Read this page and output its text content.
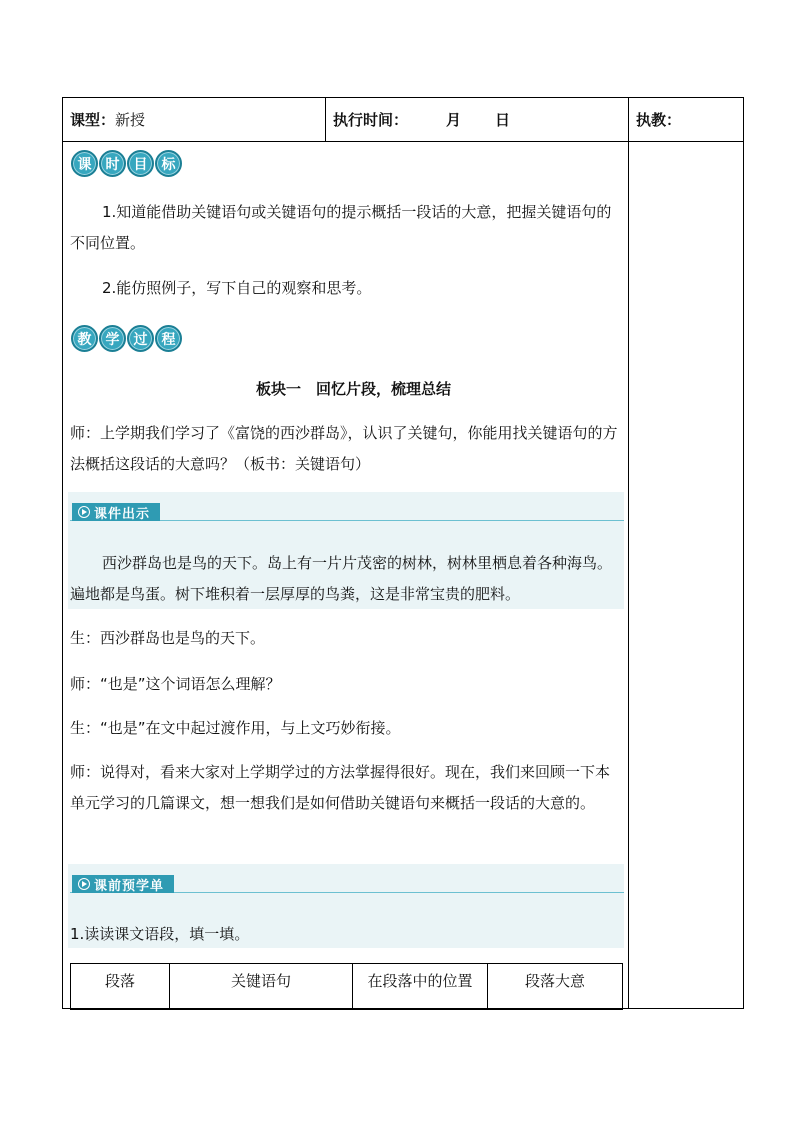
课型： 新授	执行时间：	月 日	执教：
课	时	目	标
1.知道能借助关键语句或关键语句的提示概括一段话的大意，把握关键语句的不同位置。
2.能仿照例子，写下自己的观察和思考。
教	学	过	程
板块一　回忆片段，梳理总结
师：上学期我们学习了《富饶的西沙群岛》，认识了关键句，你能用找关键语句的方法概括这段话的大意吗？（板书：关键语句）
课件出示
西沙群岛也是鸟的天下。岛上有一片片茂密的树林，树林里栖息着各种海鸟。遍地都是鸟蛋。树下堆积着一层厚厚的鸟粪，这是非常宝贵的肥料。
生：西沙群岛也是鸟的天下。
师：“也是”这个词语怎么理解？
生：“也是”在文中起过渡作用，与上文巧妙衔接。
师：说得对，看来大家对上学期学过的方法掌握得很好。现在，我们来回顾一下本单元学习的几篇课文，想一想我们是如何借助关键语句来概括一段话的大意的。
课前预学单
1.读读课文语段，填一填。
段落	关键语句	在段落中的位置	段落大意
